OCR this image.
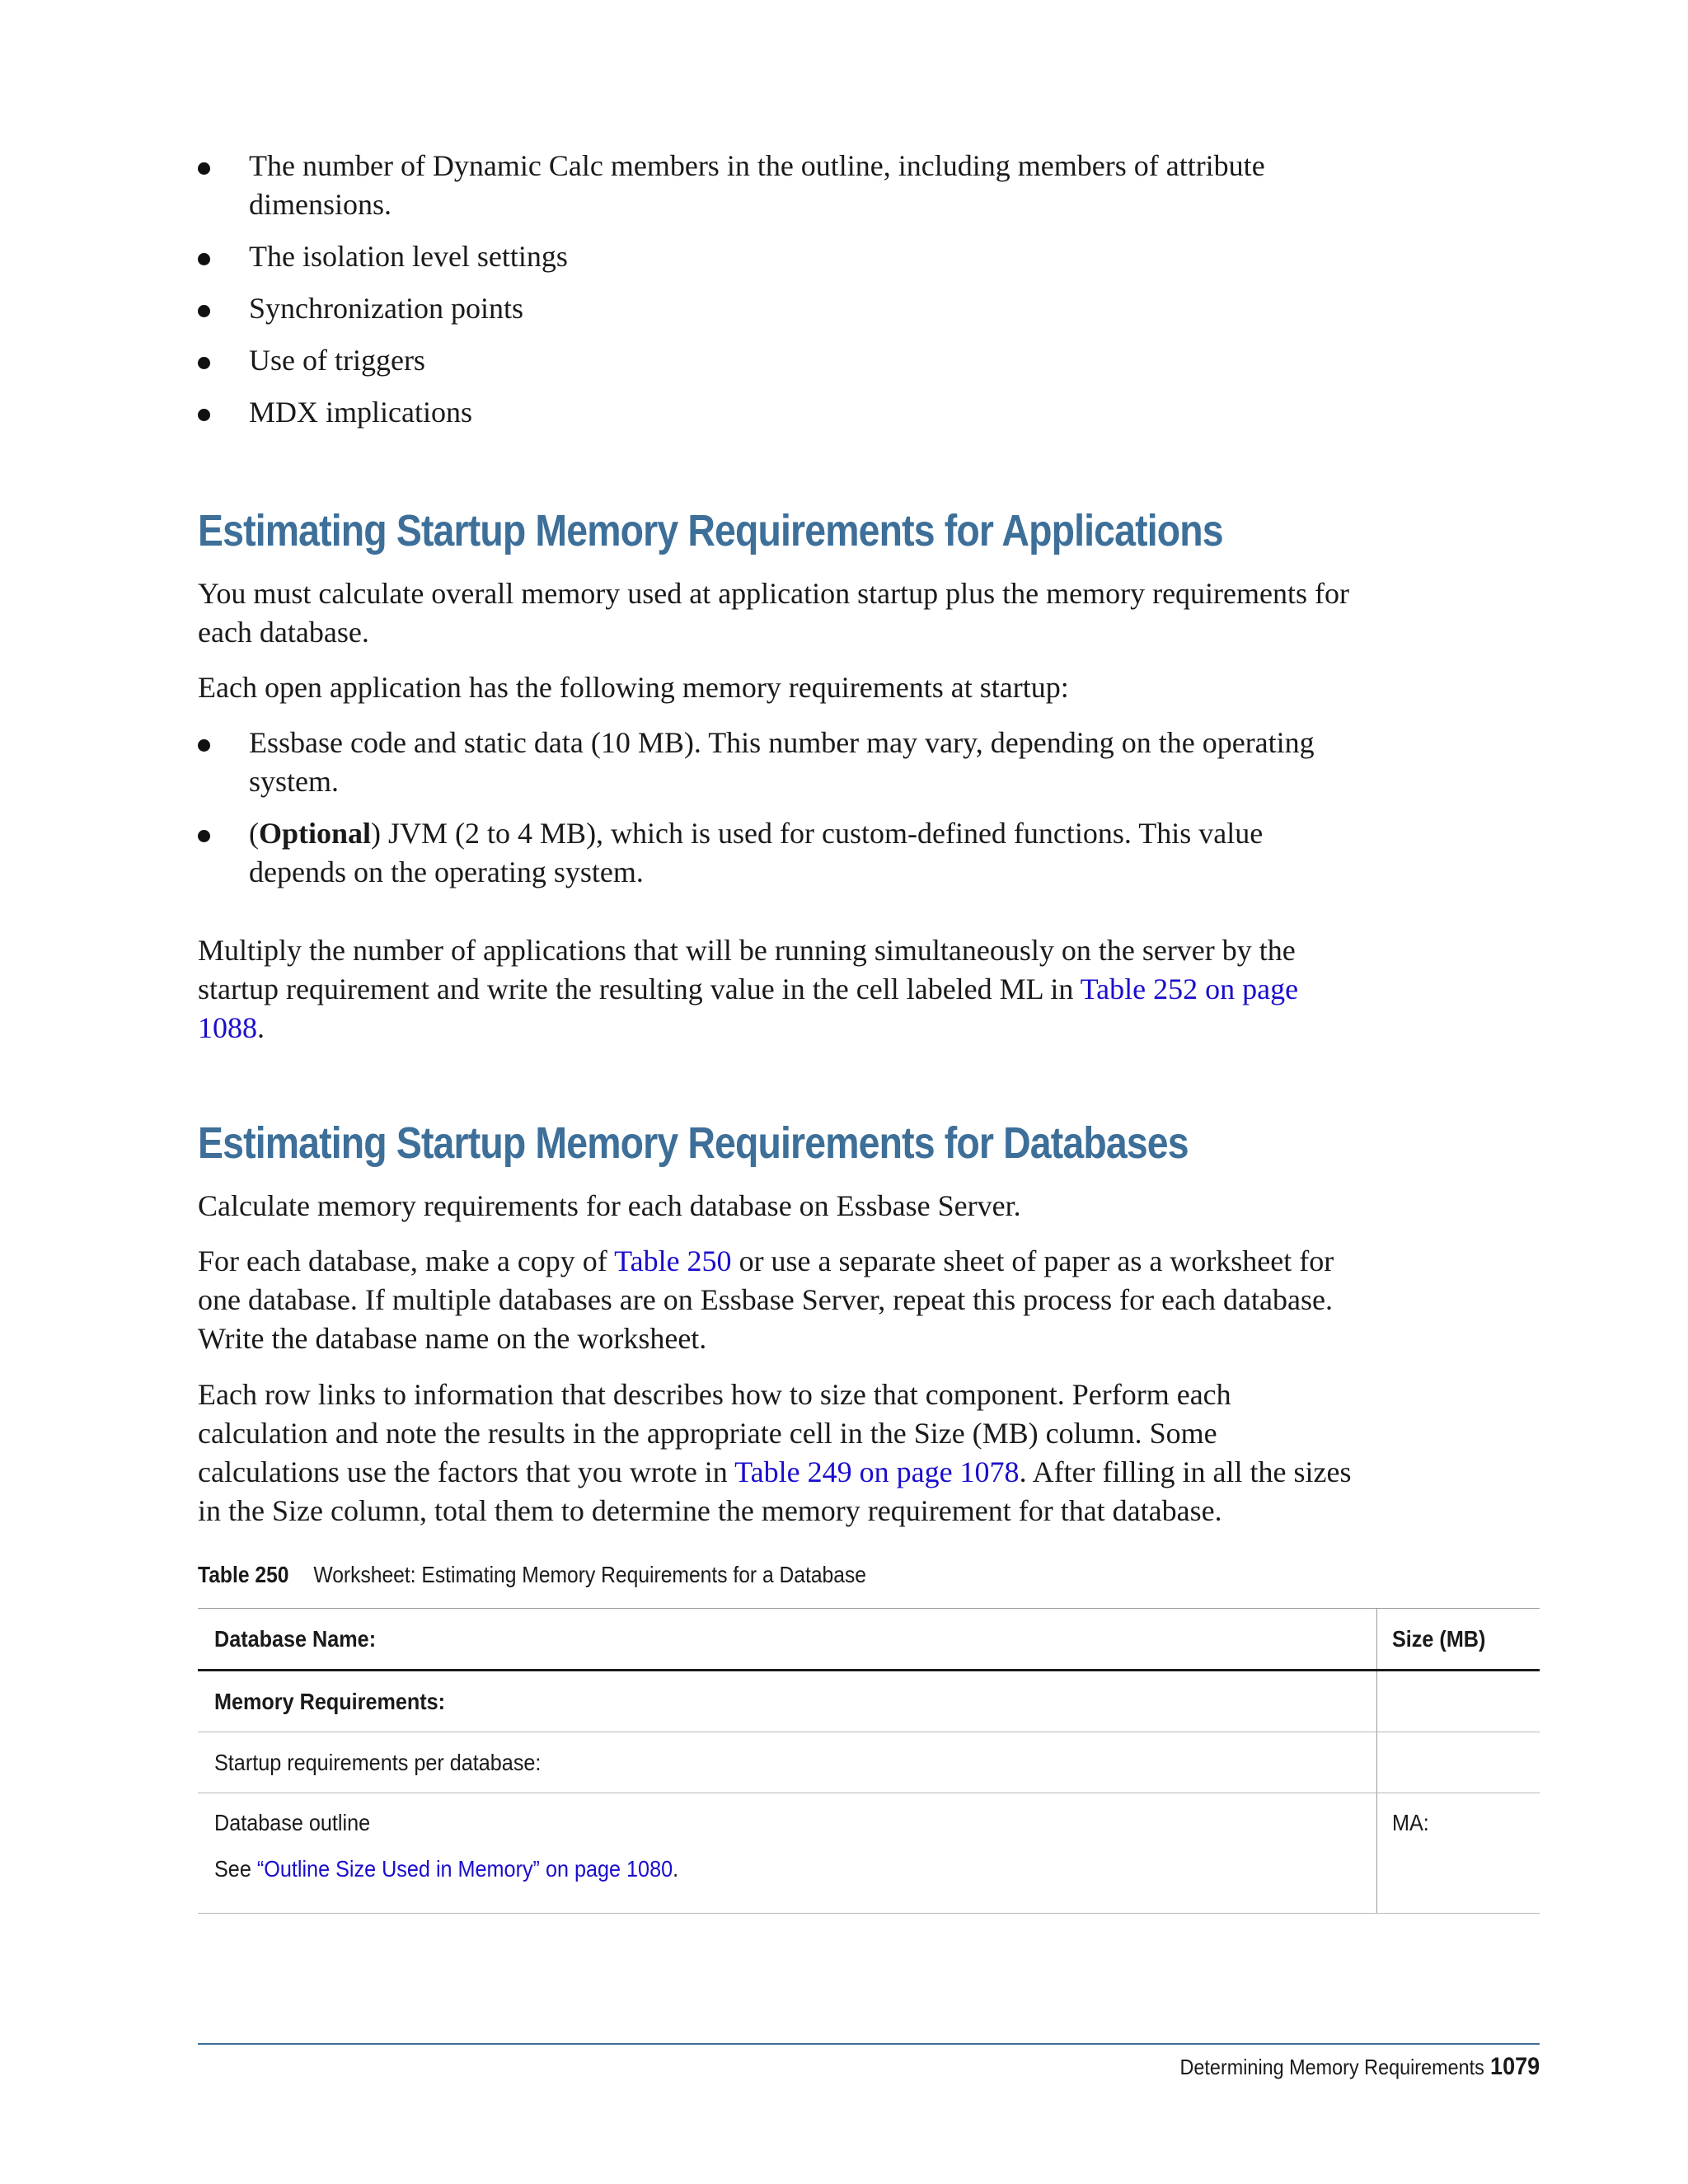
The number of Dynamic Calc members in the outline, including members of attribute dimensions.
The isolation level settings
Synchronization points
Use of triggers
MDX implications
Estimating Startup Memory Requirements for Applications

You must calculate overall memory used at application startup plus the memory requirements for each database.

Each open application has the following memory requirements at startup:

Essbase code and static data (10 MB). This number may vary, depending on the operating system.
(Optional) JVM (2 to 4 MB), which is used for custom-defined functions. This value depends on the operating system.

Multiply the number of applications that will be running simultaneously on the server by the startup requirement and write the resulting value in the cell labeled ML in Table 252 on page 1088.

Estimating Startup Memory Requirements for Databases

Calculate memory requirements for each database on Essbase Server.

For each database, make a copy of Table 250 or use a separate sheet of paper as a worksheet for one database. If multiple databases are on Essbase Server, repeat this process for each database. Write the database name on the worksheet.

Each row links to information that describes how to size that component. Perform each calculation and note the results in the appropriate cell in the Size (MB) column. Some calculations use the factors that you wrote in Table 249 on page 1078. After filling in all the sizes in the Size column, total them to determine the memory requirement for that database.

Table 250 Worksheet: Estimating Memory Requirements for a Database
Database Name:	Size (MB)
Memory Requirements:	
Startup requirements per database:	

Database outline
See “Outline Size Used in Memory” on page 1080.	MA:
Determining Memory Requirements 1079
